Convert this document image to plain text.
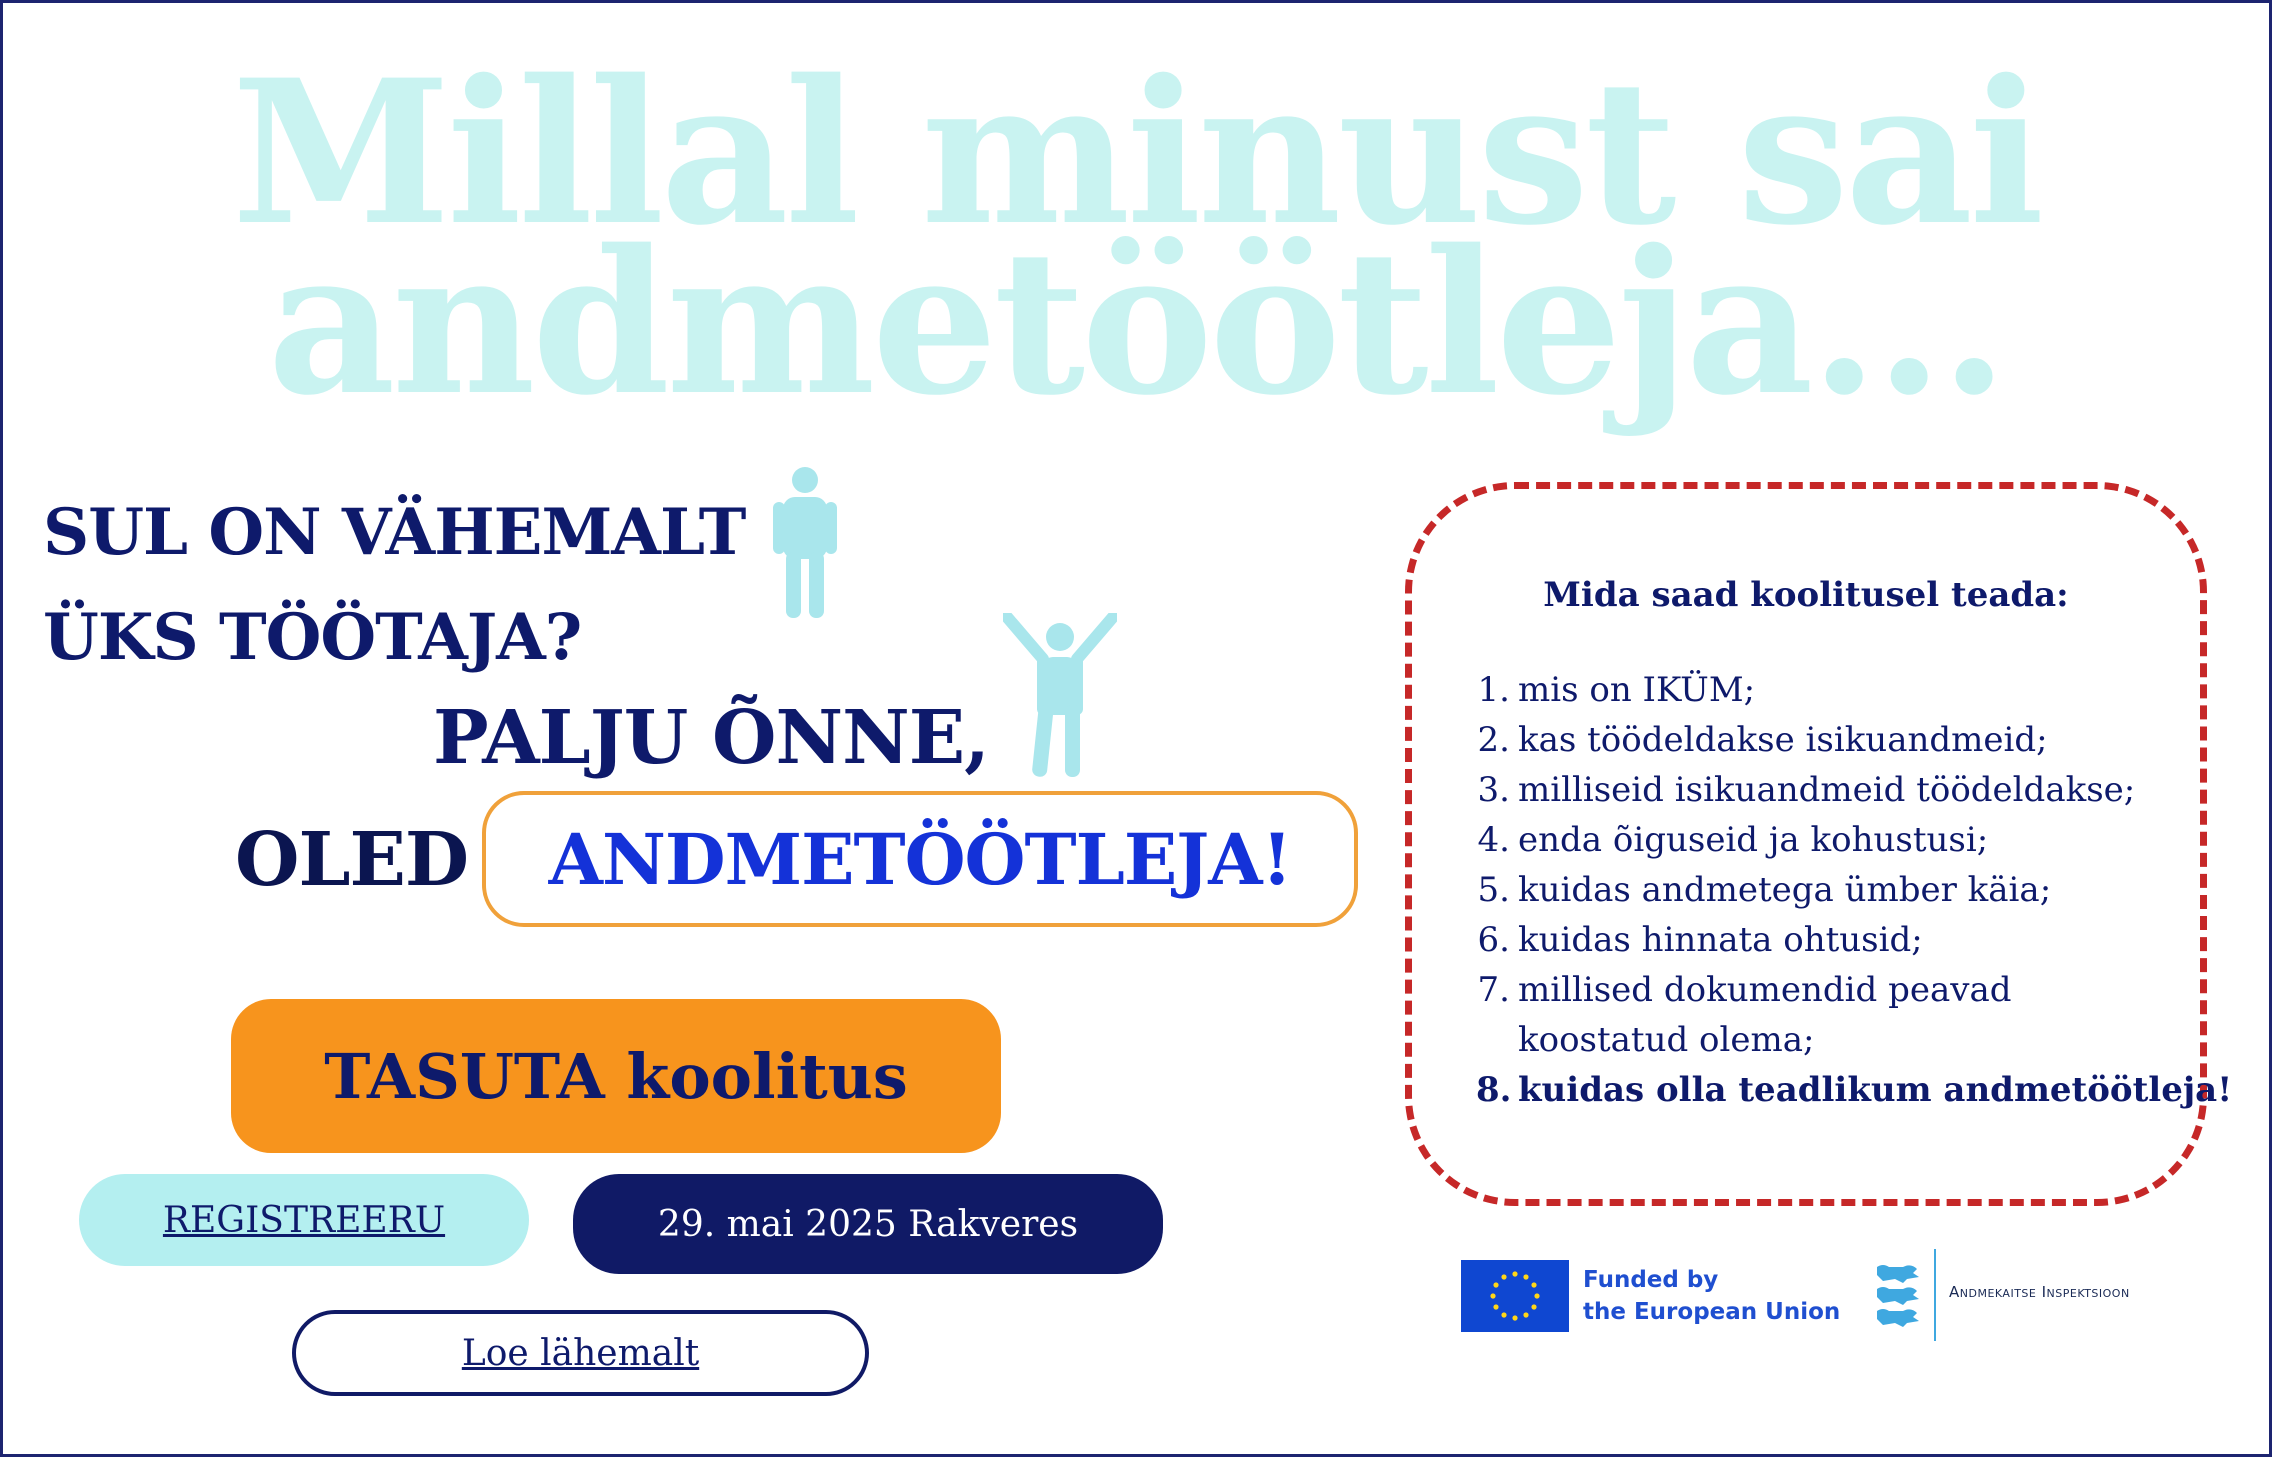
Millal minust sai
andmetöötleja...
SUL ON VÄHEMALT
ÜKS TÖÖTAJA?
PALJU ÕNNE,
OLED ANDMETÖÖTLEJA!
TASUTA koolitus
REGISTREERU	29. mai 2025 Rakveres
Loe lähemalt
Mida saad koolitusel teada:
1. mis on IKÜM;
2. kas töödeldakse isikuandmeid;
3. milliseid isikuandmeid töödeldakse;
4. enda õiguseid ja kohustusi;
5. kuidas andmetega ümber käia;
6. kuidas hinnata ohtusid;
7. millised dokumendid peavad
koostatud olema;
8. kuidas olla teadlikum andmetöötleja!
Funded by
the European Union
Andmekaitse Inspektsioon
